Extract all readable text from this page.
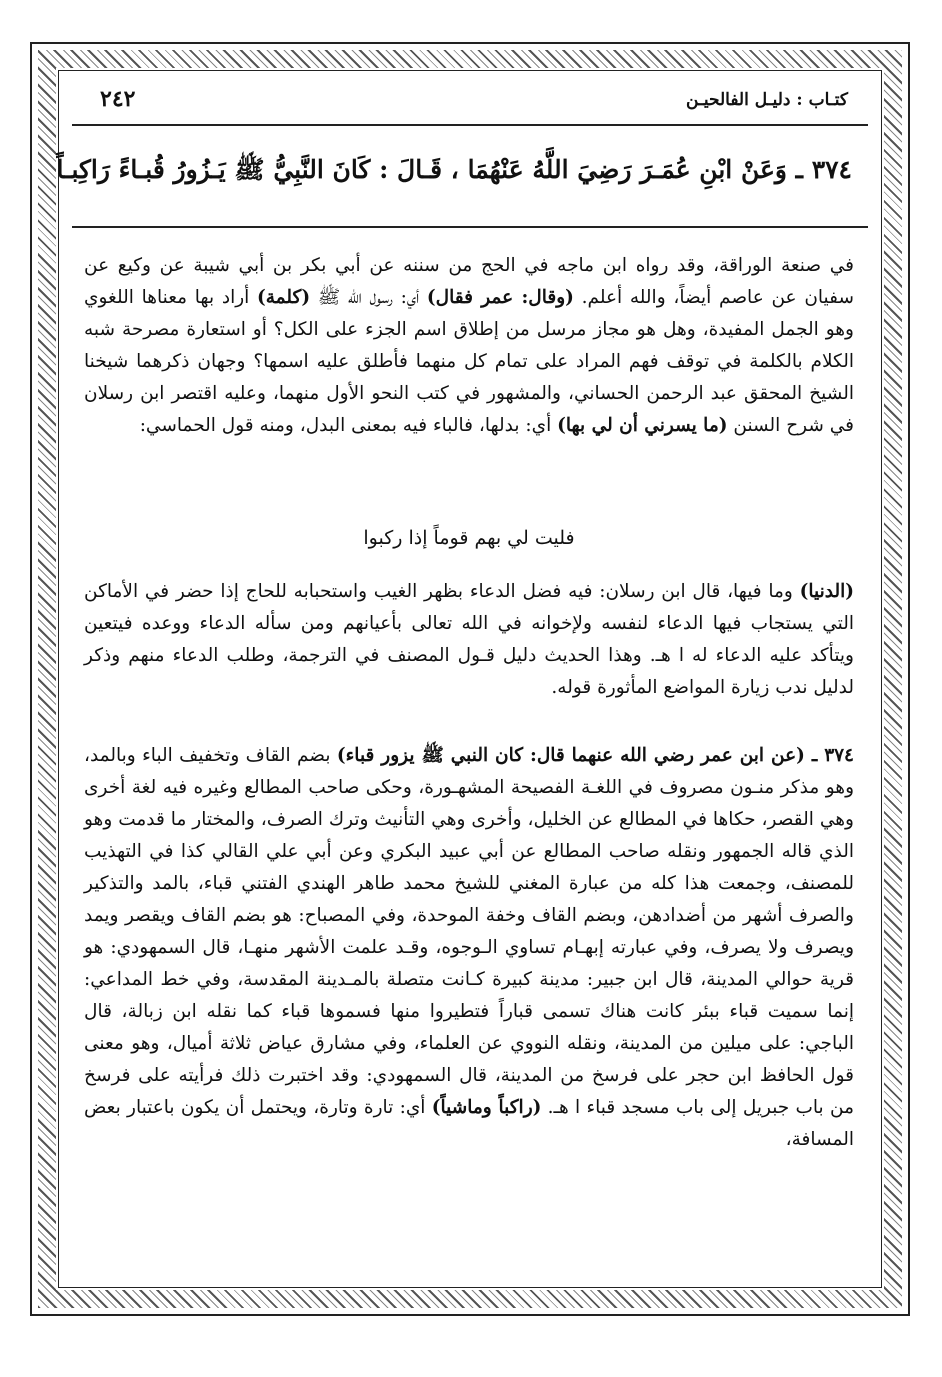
٢٤٢	كتـاب : دليـل الفالحيـن
٣٧٤ ـ وَعَنْ ابْنِ عُمَـرَ رَضِيَ اللَّهُ عَنْهُمَا ، قَـالَ : كَانَ النَّبِيُّ ﷺ يَـزُورُ قُبـاءً رَاكِبـاً

في صنعة الوراقة، وقد رواه ابن ماجه في الحج من سننه عن أبي بكر بن أبي شيبة عن وكيع عن سفيان عن عاصم أيضاً، والله أعلم. (وقال: عمر فقال) أي: رسول الله ﷺ (كلمة) أراد بها معناها اللغوي وهو الجمل المفيدة، وهل هو مجاز مرسل من إطلاق اسم الجزء على الكل؟ أو استعارة مصرحة شبه الكلام بالكلمة في توقف فهم المراد على تمام كل منهما فأطلق عليه اسمها؟ وجهان ذكرهما شيخنا الشيخ المحقق عبد الرحمن الحساني، والمشهور في كتب النحو الأول منهما، وعليه اقتصر ابن رسلان في شرح السنن (ما يسرني أن لي بها) أي: بدلها، فالباء فيه بمعنى البدل، ومنه قول الحماسي:

فليت لي بهم قوماً إذا ركبوا

(الدنيا) وما فيها، قال ابن رسلان: فيه فضل الدعاء بظهر الغيب واستحبابه للحاج إذا حضر في الأماكن التي يستجاب فيها الدعاء لنفسه ولإخوانه في الله تعالى بأعيانهم ومن سأله الدعاء ووعده فيتعين ويتأكد عليه الدعاء له ا هـ. وهذا الحديث دليل قـول المصنف في الترجمة، وطلب الدعاء منهم وذكر لدليل ندب زيارة المواضع المأثورة قوله.

٣٧٤ ـ (عن ابن عمر رضي الله عنهما قال: كان النبي ﷺ يزور قباء) بضم القاف وتخفيف الباء وبالمد، وهو مذكر منـون مصروف في اللغـة الفصيحة المشهـورة، وحكى صاحب المطالع وغيره فيه لغة أخرى وهي القصر، حكاها في المطالع عن الخليل، وأخرى وهي التأنيث وترك الصرف، والمختار ما قدمت وهو الذي قاله الجمهور ونقله صاحب المطالع عن أبي عبيد البكري وعن أبي علي القالي كذا في التهذيب للمصنف، وجمعت هذا كله من عبارة المغني للشيخ محمد طاهر الهندي الفتني قباء، بالمد والتذكير والصرف أشهر من أضدادهن، وبضم القاف وخفة الموحدة، وفي المصباح: هو بضم القاف ويقصر ويمد ويصرف ولا يصرف، وفي عبارته إبهـام تساوي الـوجوه، وقـد علمت الأشهر منهـا، قال السمهودي: هو قرية حوالي المدينة، قال ابن جبير: مدينة كبيرة كـانت متصلة بالمـدينة المقدسة، وفي خط المداعي: إنما سميت قباء ببئر كانت هناك تسمى قباراً فتطيروا منها فسموها قباء كما نقله ابن زبالة، قال الباجي: على ميلين من المدينة، ونقله النووي عن العلماء، وفي مشارق عياض ثلاثة أميال، وهو معنى قول الحافظ ابن حجر على فرسخ من المدينة، قال السمهودي: وقد اختبرت ذلك فرأيته على فرسخ من باب جبريل إلى باب مسجد قباء ا هـ. (راكباً وماشياً) أي: تارة وتارة، ويحتمل أن يكون باعتبار بعض المسافة،
